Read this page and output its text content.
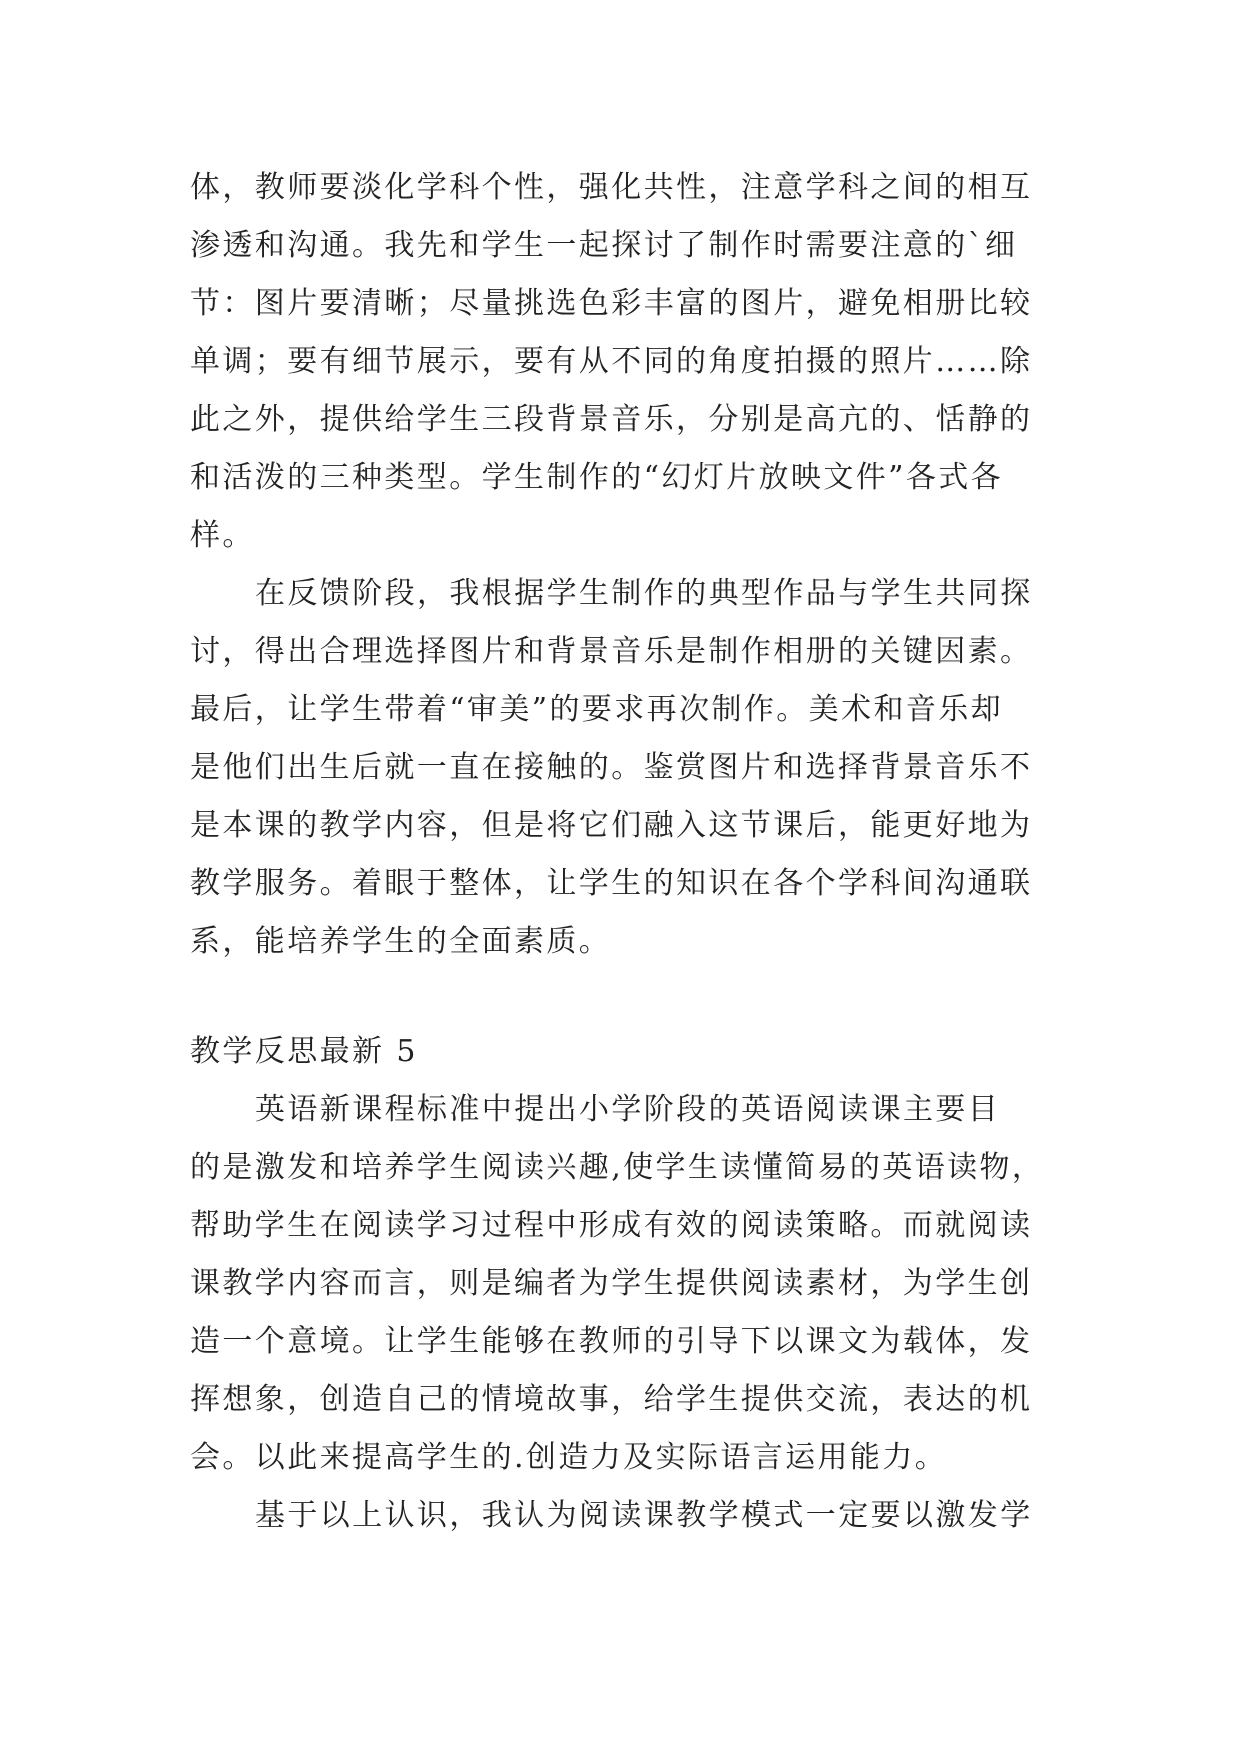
体，教师要淡化学科个性，强化共性，注意学科之间的相互
渗透和沟通。我先和学生一起探讨了制作时需要注意的`细
节：图片要清晰；尽量挑选色彩丰富的图片，避免相册比较
单调；要有细节展示，要有从不同的角度拍摄的照片……除
此之外，提供给学生三段背景音乐，分别是高亢的、恬静的
和活泼的三种类型。学生制作的“幻灯片放映文件”各式各
样。
在反馈阶段，我根据学生制作的典型作品与学生共同探
讨，得出合理选择图片和背景音乐是制作相册的关键因素。
最后，让学生带着“审美”的要求再次制作。美术和音乐却
是他们出生后就一直在接触的。鉴赏图片和选择背景音乐不
是本课的教学内容，但是将它们融入这节课后，能更好地为
教学服务。着眼于整体，让学生的知识在各个学科间沟通联
系，能培养学生的全面素质。
教学反思最新 5
英语新课程标准中提出小学阶段的英语阅读课主要目
的是激发和培养学生阅读兴趣,使学生读懂简易的英语读物，
帮助学生在阅读学习过程中形成有效的阅读策略。而就阅读
课教学内容而言，则是编者为学生提供阅读素材，为学生创
造一个意境。让学生能够在教师的引导下以课文为载体，发
挥想象，创造自己的情境故事，给学生提供交流，表达的机
会。以此来提高学生的.创造力及实际语言运用能力。
基于以上认识，我认为阅读课教学模式一定要以激发学
